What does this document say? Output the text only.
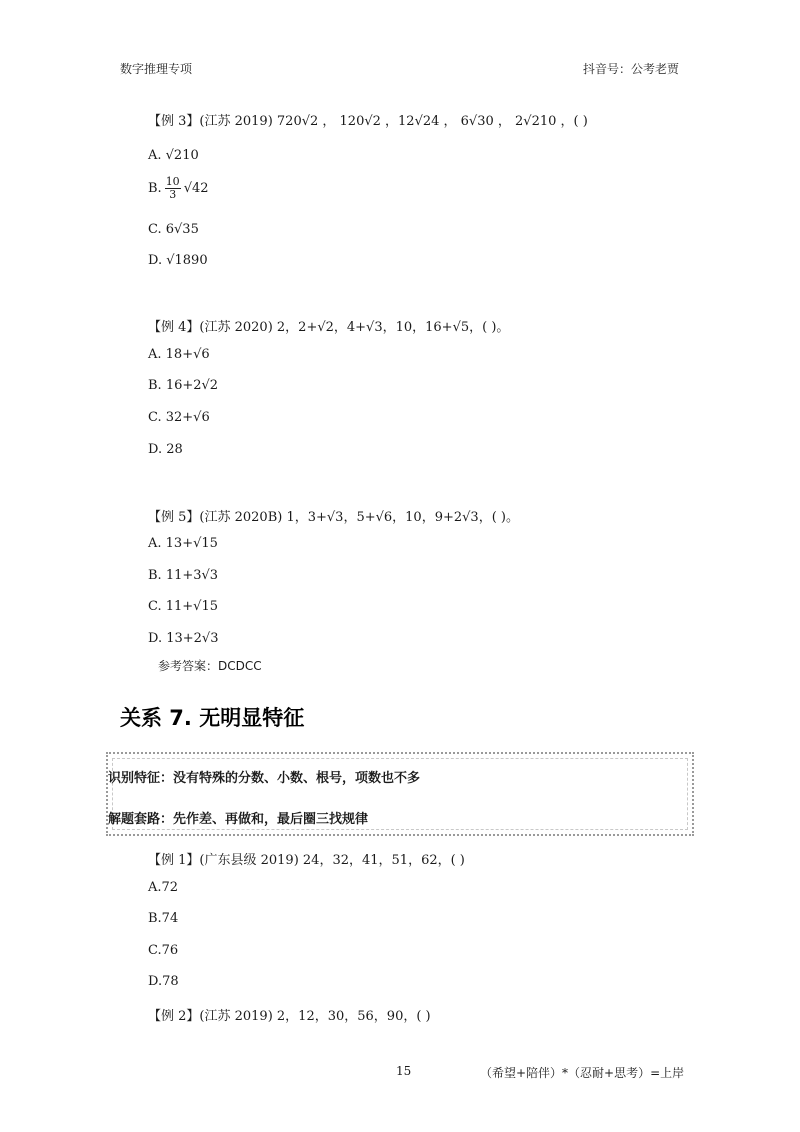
数字推理专项	抖音号：公考老贾
【例 3】(江苏 2019) 720√2 ， 120√2 ，12√24 ， 6√30 ， 2√210 ，( )
A. √210
B. $\frac{10}{3} √42$
C. 6√35
D. √1890
【例 4】(江苏 2020) 2，2+√2，4+√3，10，16+√5，( )。
A. 18+√6
B. 16+2√2
C. 32+√6
D. 28
【例 5】(江苏 2020B) 1，3+√3，5+√6，10，9+2√3，( )。
A. 13+√15
B. 11+3√3
C. 11+√15
D. 13+2√3
参考答案：DCDCC
关系 7. 无明显特征
识别特征：没有特殊的分数、小数、根号，项数也不多
解题套路：先作差、再做和，最后圈三找规律
【例 1】(广东县级 2019) 24，32，41，51，62，( )
A.72
B.74
C.76
D.78
【例 2】(江苏 2019) 2，12，30，56，90，( )
15	（希望+陪伴）*（忍耐+思考）=上岸
